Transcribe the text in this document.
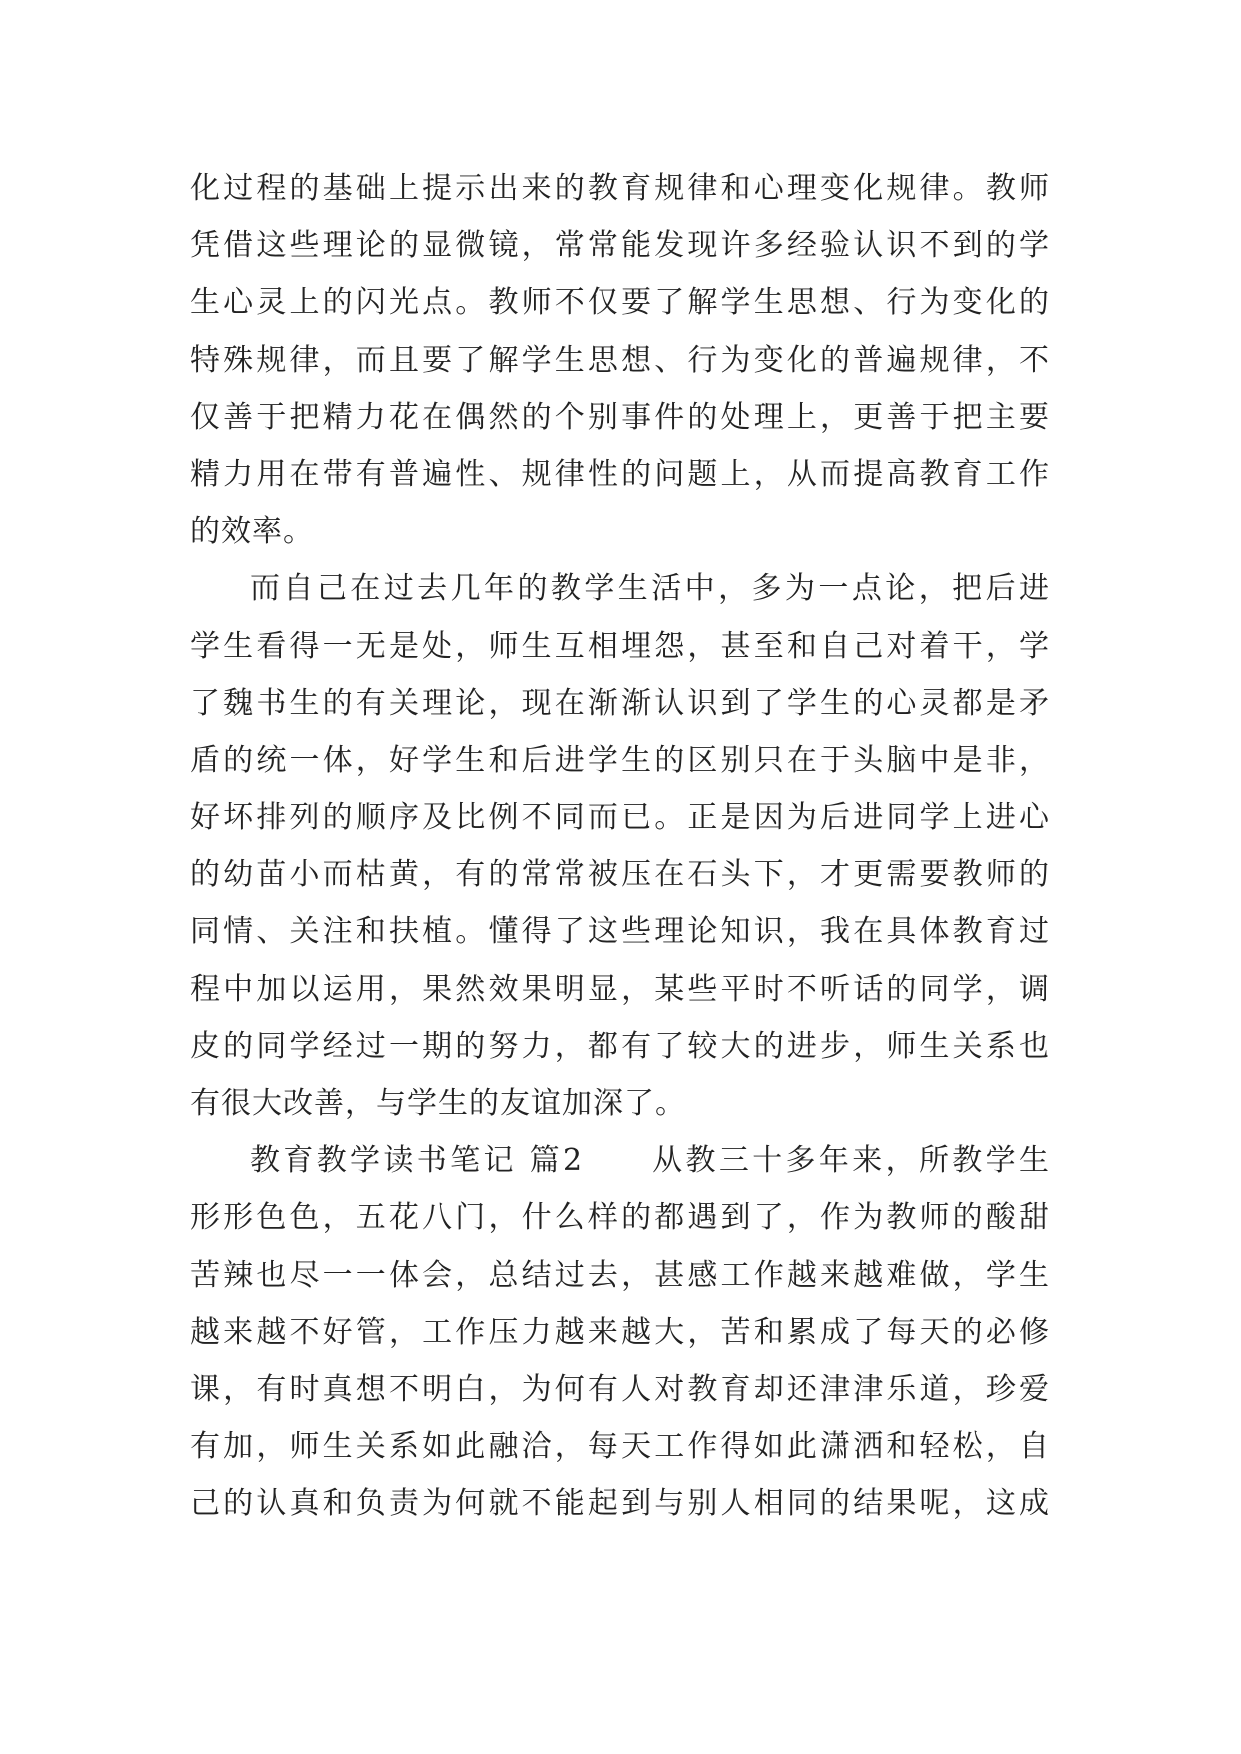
化过程的基础上提示出来的教育规律和心理变化规律。教师
凭借这些理论的显微镜，常常能发现许多经验认识不到的学
生心灵上的闪光点。教师不仅要了解学生思想、行为变化的
特殊规律，而且要了解学生思想、行为变化的普遍规律，不
仅善于把精力花在偶然的个别事件的处理上，更善于把主要
精力用在带有普遍性、规律性的问题上，从而提高教育工作
的效率。
而自己在过去几年的教学生活中，多为一点论，把后进
学生看得一无是处，师生互相埋怨，甚至和自己对着干，学
了魏书生的有关理论，现在渐渐认识到了学生的心灵都是矛
盾的统一体，好学生和后进学生的区别只在于头脑中是非，
好坏排列的顺序及比例不同而已。正是因为后进同学上进心
的幼苗小而枯黄，有的常常被压在石头下，才更需要教师的
同情、关注和扶植。懂得了这些理论知识，我在具体教育过
程中加以运用，果然效果明显，某些平时不听话的同学，调
皮的同学经过一期的努力，都有了较大的进步，师生关系也
有很大改善，与学生的友谊加深了。
教育教学读书笔记 篇2　　从教三十多年来，所教学生
形形色色，五花八门，什么样的都遇到了，作为教师的酸甜
苦辣也尽一一体会，总结过去，甚感工作越来越难做，学生
越来越不好管，工作压力越来越大，苦和累成了每天的必修
课，有时真想不明白，为何有人对教育却还津津乐道，珍爱
有加，师生关系如此融洽，每天工作得如此潇洒和轻松，自
己的认真和负责为何就不能起到与别人相同的结果呢，这成
